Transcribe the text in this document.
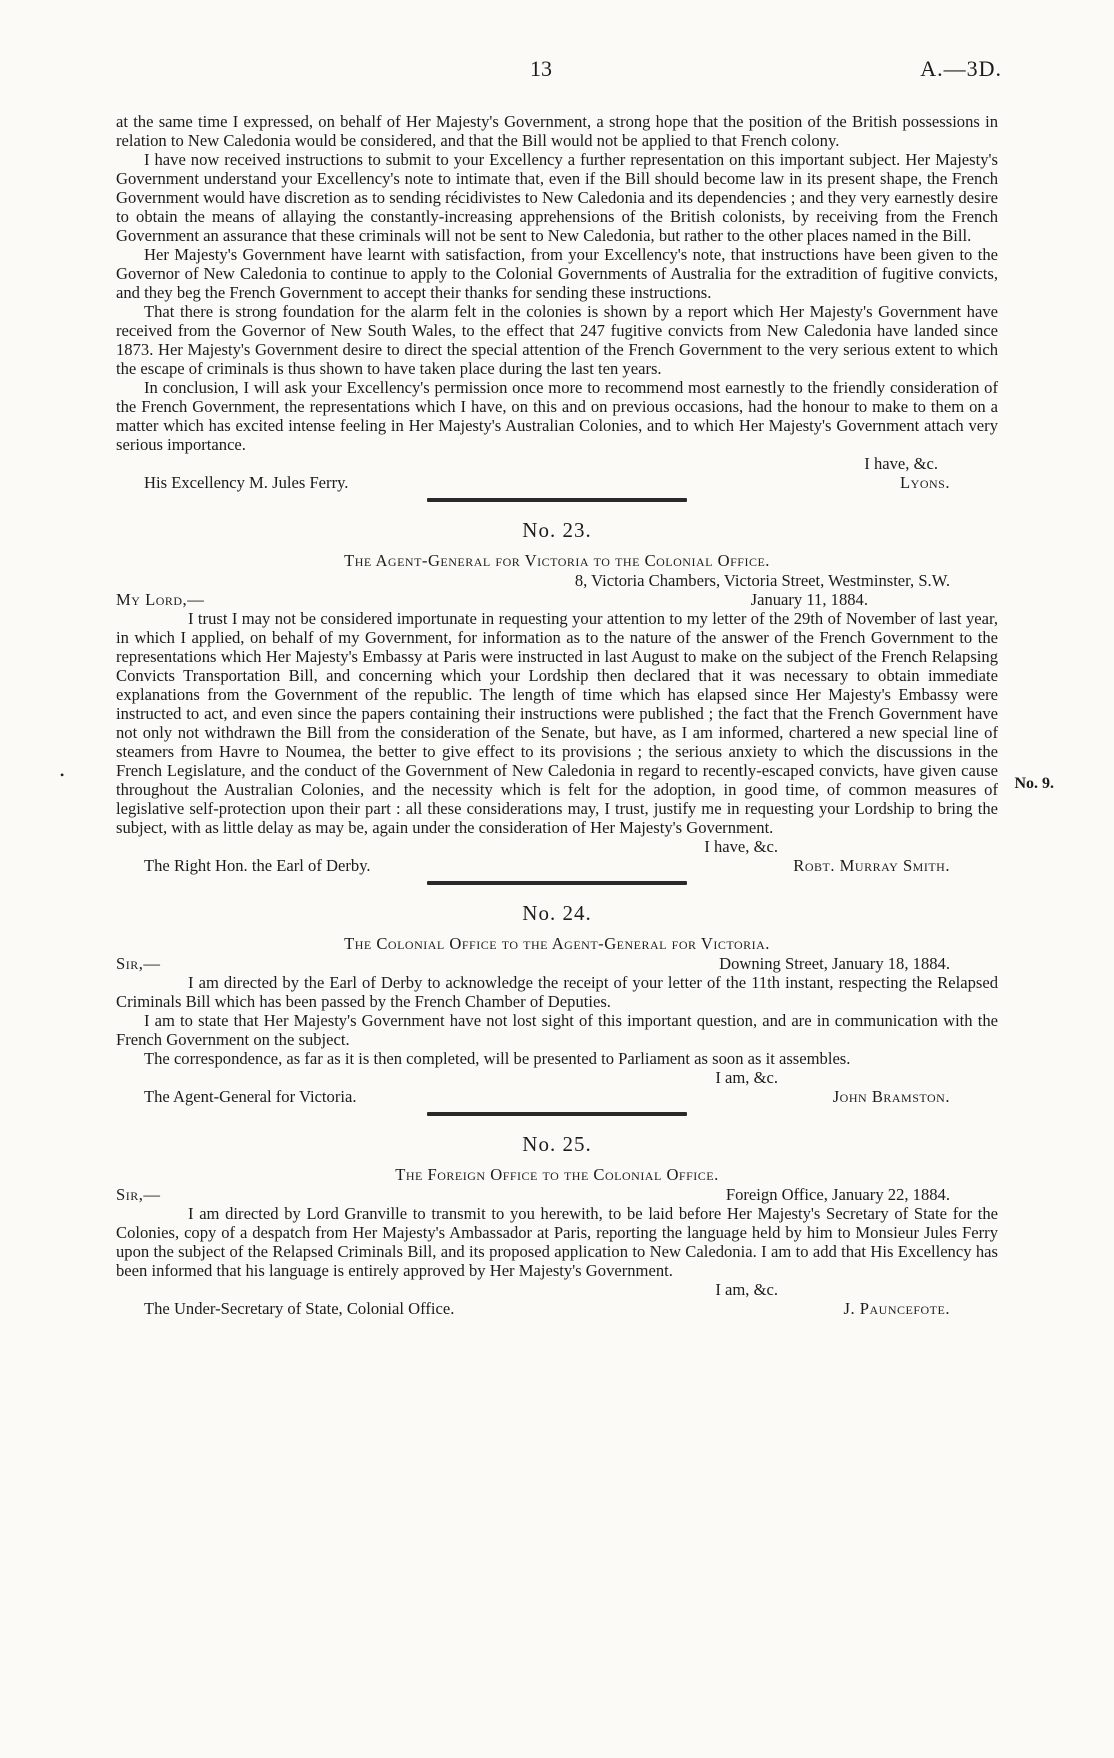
13	A.—3D.

at the same time I expressed, on behalf of Her Majesty's Government, a strong hope that the position of the British possessions in relation to New Caledonia would be considered, and that the Bill would not be applied to that French colony.

I have now received instructions to submit to your Excellency a further representation on this important subject. Her Majesty's Government understand your Excellency's note to intimate that, even if the Bill should become law in its present shape, the French Government would have discretion as to sending récidivistes to New Caledonia and its dependencies ; and they very earnestly desire to obtain the means of allaying the constantly-increasing apprehensions of the British colonists, by receiving from the French Government an assurance that these criminals will not be sent to New Caledonia, but rather to the other places named in the Bill.

Her Majesty's Government have learnt with satisfaction, from your Excellency's note, that instructions have been given to the Governor of New Caledonia to continue to apply to the Colonial Governments of Australia for the extradition of fugitive convicts, and they beg the French Government to accept their thanks for sending these instructions.

That there is strong foundation for the alarm felt in the colonies is shown by a report which Her Majesty's Government have received from the Governor of New South Wales, to the effect that 247 fugitive convicts from New Caledonia have landed since 1873. Her Majesty's Government desire to direct the special attention of the French Government to the very serious extent to which the escape of criminals is thus shown to have taken place during the last ten years.

In conclusion, I will ask your Excellency's permission once more to recommend most earnestly to the friendly consideration of the French Government, the representations which I have, on this and on previous occasions, had the honour to make to them on a matter which has excited intense feeling in Her Majesty's Australian Colonies, and to which Her Majesty's Government attach very serious importance.

I have, &c.
His Excellency M. Jules Ferry.	Lyons.
No. 23.
The Agent-General for Victoria to the Colonial Office.
8, Victoria Chambers, Victoria Street, Westminster, S.W.
My Lord,—	January 11, 1884.

I trust I may not be considered importunate in requesting your attention to my letter of the 29th of November of last year, in which I applied, on behalf of my Government, for information as to the nature of the answer of the French Government to the representations which Her Majesty's Embassy at Paris were instructed in last August to make on the subject of the French Relapsing Convicts Transportation Bill, and concerning which your Lordship then declared that it was necessary to obtain immediate explanations from the Government of the republic. The length of time which has elapsed since Her Majesty's Embassy were instructed to act, and even since the papers containing their instructions were published ; the fact that the French Government have not only not withdrawn the Bill from the consideration of the Senate, but have, as I am informed, chartered a new special line of steamers from Havre to Noumea, the better to give effect to its provisions ; the serious anxiety to which the discussions in the French Legislature, and the conduct of the Government of New Caledonia in regard to recently-escaped convicts, have given cause throughout the Australian Colonies, and the necessity which is felt for the adoption, in good time, of common measures of legislative self-protection upon their part : all these considerations may, I trust, justify me in requesting your Lordship to bring the subject, with as little delay as may be, again under the consideration of Her Majesty's Government.

I have, &c.
The Right Hon. the Earl of Derby.	Robt. Murray Smith.
No. 24.
The Colonial Office to the Agent-General for Victoria.
Sir,—	Downing Street, January 18, 1884.

I am directed by the Earl of Derby to acknowledge the receipt of your letter of the 11th instant, respecting the Relapsed Criminals Bill which has been passed by the French Chamber of Deputies.

I am to state that Her Majesty's Government have not lost sight of this important question, and are in communication with the French Government on the subject.

The correspondence, as far as it is then completed, will be presented to Parliament as soon as it assembles.

I am, &c.
The Agent-General for Victoria.	John Bramston.
No. 25.
The Foreign Office to the Colonial Office.
Sir,—	Foreign Office, January 22, 1884.

I am directed by Lord Granville to transmit to you herewith, to be laid before Her Majesty's Secretary of State for the Colonies, copy of a despatch from Her Majesty's Ambassador at Paris, reporting the language held by him to Monsieur Jules Ferry upon the subject of the Relapsed Criminals Bill, and its proposed application to New Caledonia. I am to add that His Excellency has been informed that his language is entirely approved by Her Majesty's Government.

I am, &c.
The Under-Secretary of State, Colonial Office.	J. Pauncefote.
No. 9.
•
